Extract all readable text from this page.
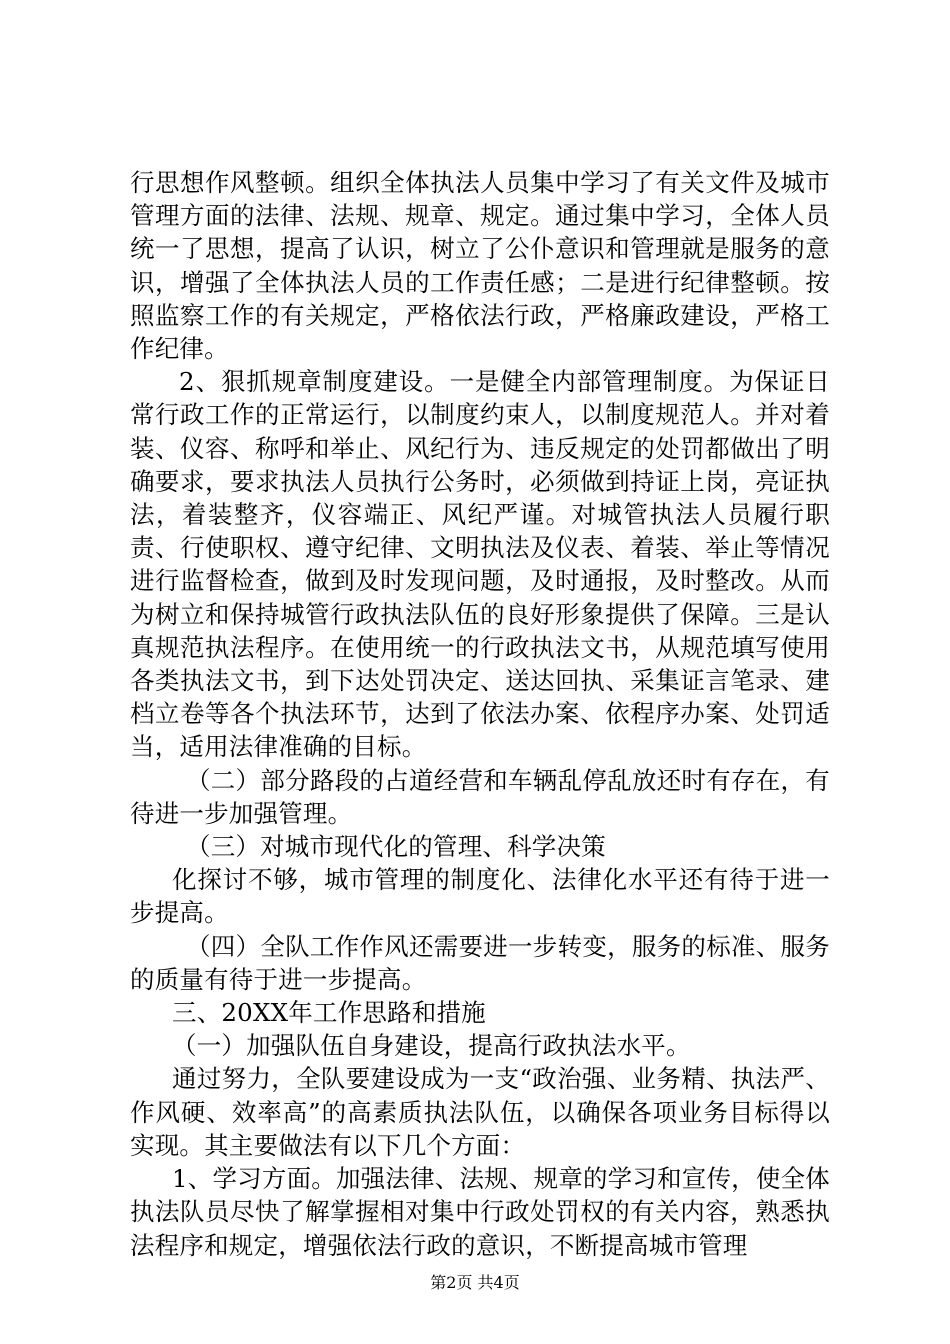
行思想作风整顿。组织全体执法人员集中学习了有关文件及城市管理方面的法律、法规、规章、规定。通过集中学习，全体人员统一了思想，提高了认识，树立了公仆意识和管理就是服务的意识，增强了全体执法人员的工作责任感；二是进行纪律整顿。按照监察工作的有关规定，严格依法行政，严格廉政建设，严格工作纪律。

2、狠抓规章制度建设。一是健全内部管理制度。为保证日常行政工作的正常运行，以制度约束人，以制度规范人。并对着装、仪容、称呼和举止、风纪行为、违反规定的处罚都做出了明确要求，要求执法人员执行公务时，必须做到持证上岗，亮证执法，着装整齐，仪容端正、风纪严谨。对城管执法人员履行职责、行使职权、遵守纪律、文明执法及仪表、着装、举止等情况进行监督检查，做到及时发现问题，及时通报，及时整改。从而为树立和保持城管行政执法队伍的良好形象提供了保障。三是认真规范执法程序。在使用统一的行政执法文书，从规范填写使用各类执法文书，到下达处罚决定、送达回执、采集证言笔录、建档立卷等各个执法环节，达到了依法办案、依程序办案、处罚适当，适用法律准确的目标。

（二）部分路段的占道经营和车辆乱停乱放还时有存在，有待进一步加强管理。

（三）对城市现代化的管理、科学决策

化探讨不够，城市管理的制度化、法律化水平还有待于进一步提高。

（四）全队工作作风还需要进一步转变，服务的标准、服务的质量有待于进一步提高。

三、20XX年工作思路和措施

（一）加强队伍自身建设，提高行政执法水平。

通过努力，全队要建设成为一支“政治强、业务精、执法严、作风硬、效率高”的高素质执法队伍，以确保各项业务目标得以实现。其主要做法有以下几个方面：

1、学习方面。加强法律、法规、规章的学习和宣传，使全体执法队员尽快了解掌握相对集中行政处罚权的有关内容，熟悉执法程序和规定，增强依法行政的意识，不断提高城市管理

第2页 共4页
